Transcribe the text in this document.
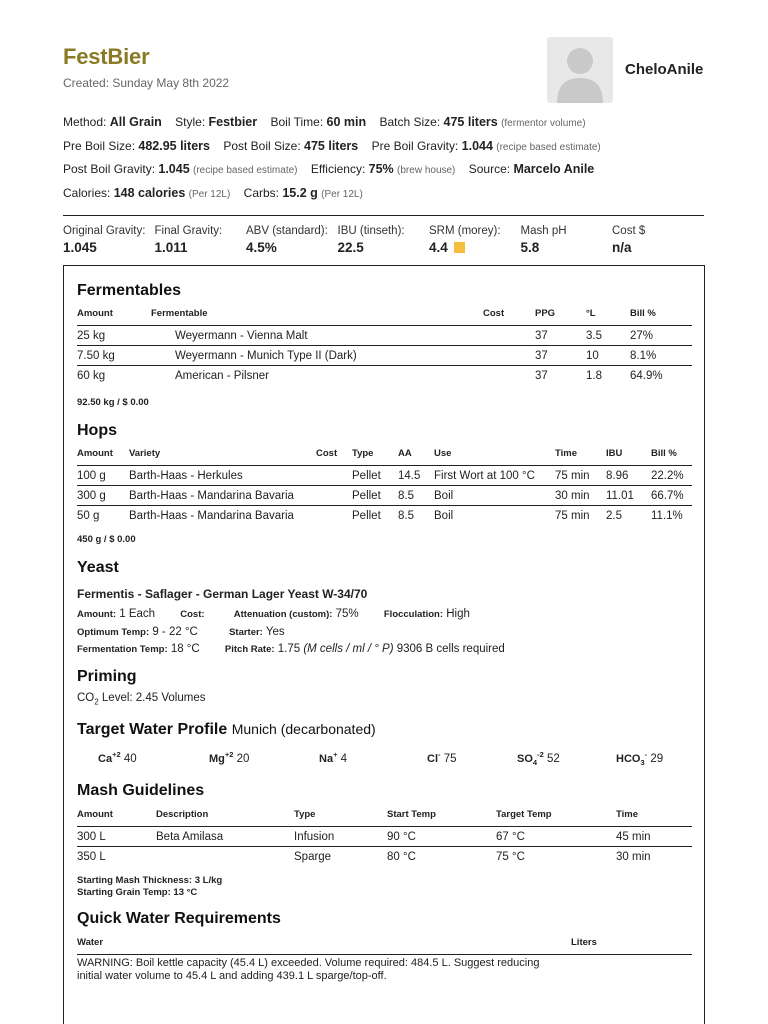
FestBier
Created: Sunday May 8th 2022
CheloAnile
Method: All Grain Style: Festbier Boil Time: 60 min Batch Size: 475 liters (fermentor volume)
Pre Boil Size: 482.95 liters Post Boil Size: 475 liters Pre Boil Gravity: 1.044 (recipe based estimate)
Post Boil Gravity: 1.045 (recipe based estimate) Efficiency: 75% (brew house) Source: Marcelo Anile
Calories: 148 calories (Per 12L) Carbs: 15.2 g (Per 12L)
Original Gravity:
1.045
Final Gravity:
1.011
ABV (standard):
4.5%
IBU (tinseth):
22.5
SRM (morey):
4.4
Mash pH
5.8
Cost $
n/a
Fermentables
Amount	Fermentable	Cost	PPG	°L	Bill %
25 kg	Weyermann - Vienna Malt		37	3.5	27%
7.50 kg	Weyermann - Munich Type II (Dark)		37	10	8.1%
60 kg	American - Pilsner		37	1.8	64.9%
92.50 kg / $ 0.00
Hops
Amount	Variety	Cost	Type	AA	Use	Time	IBU	Bill %
100 g	Barth-Haas - Herkules		Pellet	14.5	First Wort at 100 °C	75 min	8.96	22.2%
300 g	Barth-Haas - Mandarina Bavaria		Pellet	8.5	Boil	30 min	11.01	66.7%
50 g	Barth-Haas - Mandarina Bavaria		Pellet	8.5	Boil	75 min	2.5	11.1%
450 g / $ 0.00
Yeast
Fermentis - Saflager - German Lager Yeast W-34/70
Amount: 1 Each	Cost:	Attenuation (custom): 75%	Flocculation: High
Optimum Temp: 9 - 22 °C	Starter: Yes
Fermentation Temp: 18 °C	Pitch Rate: 1.75 (M cells / ml / ° P) 9306 B cells required
Priming
$CO_2$ Level: 2.45 Volumes
Target Water Profile Munich (decarbonated)
$Ca^{+2}$ 40	$Mg^{+2}$ 20	Na+ 4	Cl- 75	$SO_4^{-2}$ 52	$HCO_3^-$ 29
Mash Guidelines
Amount	Description	Type	Start Temp	Target Temp	Time
300 L	Beta Amilasa	Infusion	90 °C	67 °C	45 min
350 L		Sparge	80 °C	75 °C	30 min
Starting Mash Thickness: 3 L/kg
Starting Grain Temp: 13 °C
Quick Water Requirements
Water	Liters
WARNING: Boil kettle capacity (45.4 L) exceeded. Volume required: 484.5 L. Suggest reducing initial water volume to 45.4 L and adding 439.1 L sparge/top-off.
